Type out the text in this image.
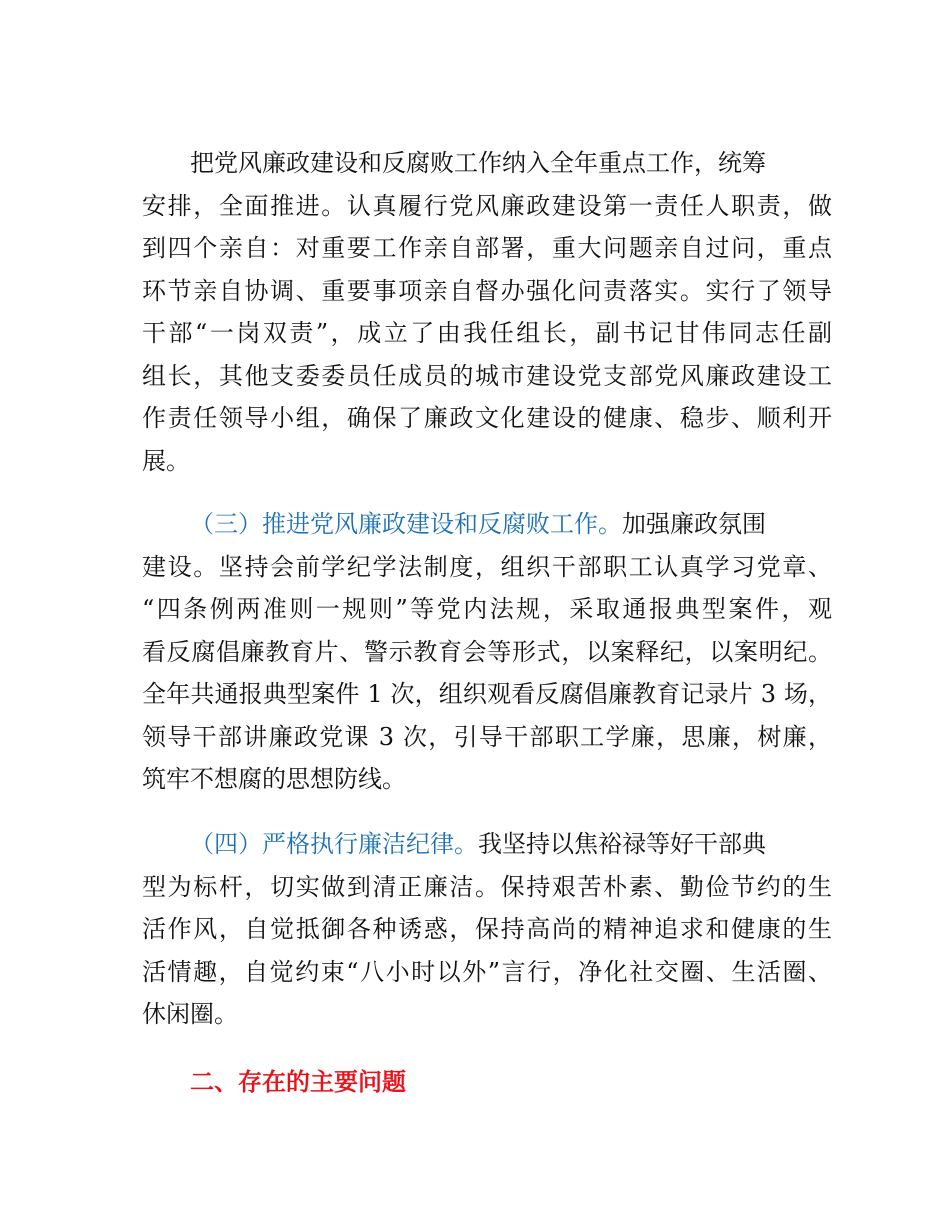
把党风廉政建设和反腐败工作纳入全年重点工作，统筹
安排，全面推进。认真履行党风廉政建设第一责任人职责，做
到四个亲自：对重要工作亲自部署，重大问题亲自过问，重点
环节亲自协调、重要事项亲自督办强化问责落实。实行了领导
干部“一岗双责”，成立了由我任组长，副书记甘伟同志任副
组长，其他支委委员任成员的城市建设党支部党风廉政建设工
作责任领导小组，确保了廉政文化建设的健康、稳步、顺利开
展。
（三）推进党风廉政建设和反腐败工作。加强廉政氛围
建设。坚持会前学纪学法制度，组织干部职工认真学习党章、
“四条例两准则一规则”等党内法规，采取通报典型案件，观
看反腐倡廉教育片、警示教育会等形式，以案释纪，以案明纪。
全年共通报典型案件 1 次，组织观看反腐倡廉教育记录片 3 场，
领导干部讲廉政党课 3 次，引导干部职工学廉，思廉，树廉，
筑牢不想腐的思想防线。
（四）严格执行廉洁纪律。我坚持以焦裕禄等好干部典
型为标杆，切实做到清正廉洁。保持艰苦朴素、勤俭节约的生
活作风，自觉抵御各种诱惑，保持高尚的精神追求和健康的生
活情趣，自觉约束“八小时以外”言行，净化社交圈、生活圈、
休闲圈。
二、存在的主要问题
